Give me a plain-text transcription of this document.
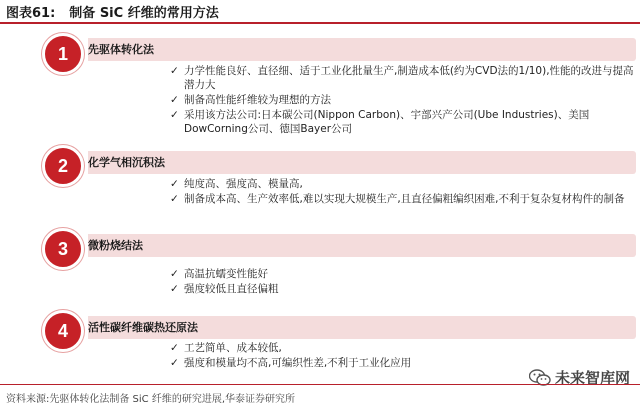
图表61: 制备 SiC 纤维的常用方法
先驱体转化法
✓ 力学性能良好、直径细、适于工业化批量生产,制造成本低(约为CVD法的1/10),性能的改进与提高潜力大
✓ 制备高性能纤维较为理想的方法
✓ 采用该方法公司:日本碳公司(Nippon Carbon)、宇部兴产公司(Ube Industries)、美国DowCorning公司、德国Bayer公司
1
化学气相沉积法
✓ 纯度高、强度高、模量高,
✓ 制备成本高、生产效率低,难以实现大规模生产,且直径偏粗编织困难,不利于复杂复材构件的制备
2
微粉烧结法
✓ 高温抗蠕变性能好
✓ 强度较低且直径偏粗
3
活性碳纤维碳热还原法
✓ 工艺简单、成本较低,
✓ 强度和模量均不高,可编织性差,不利于工业化应用
4
未来智库网
资料来源:先驱体转化法制备 SiC 纤维的研究进展,华泰证券研究所
